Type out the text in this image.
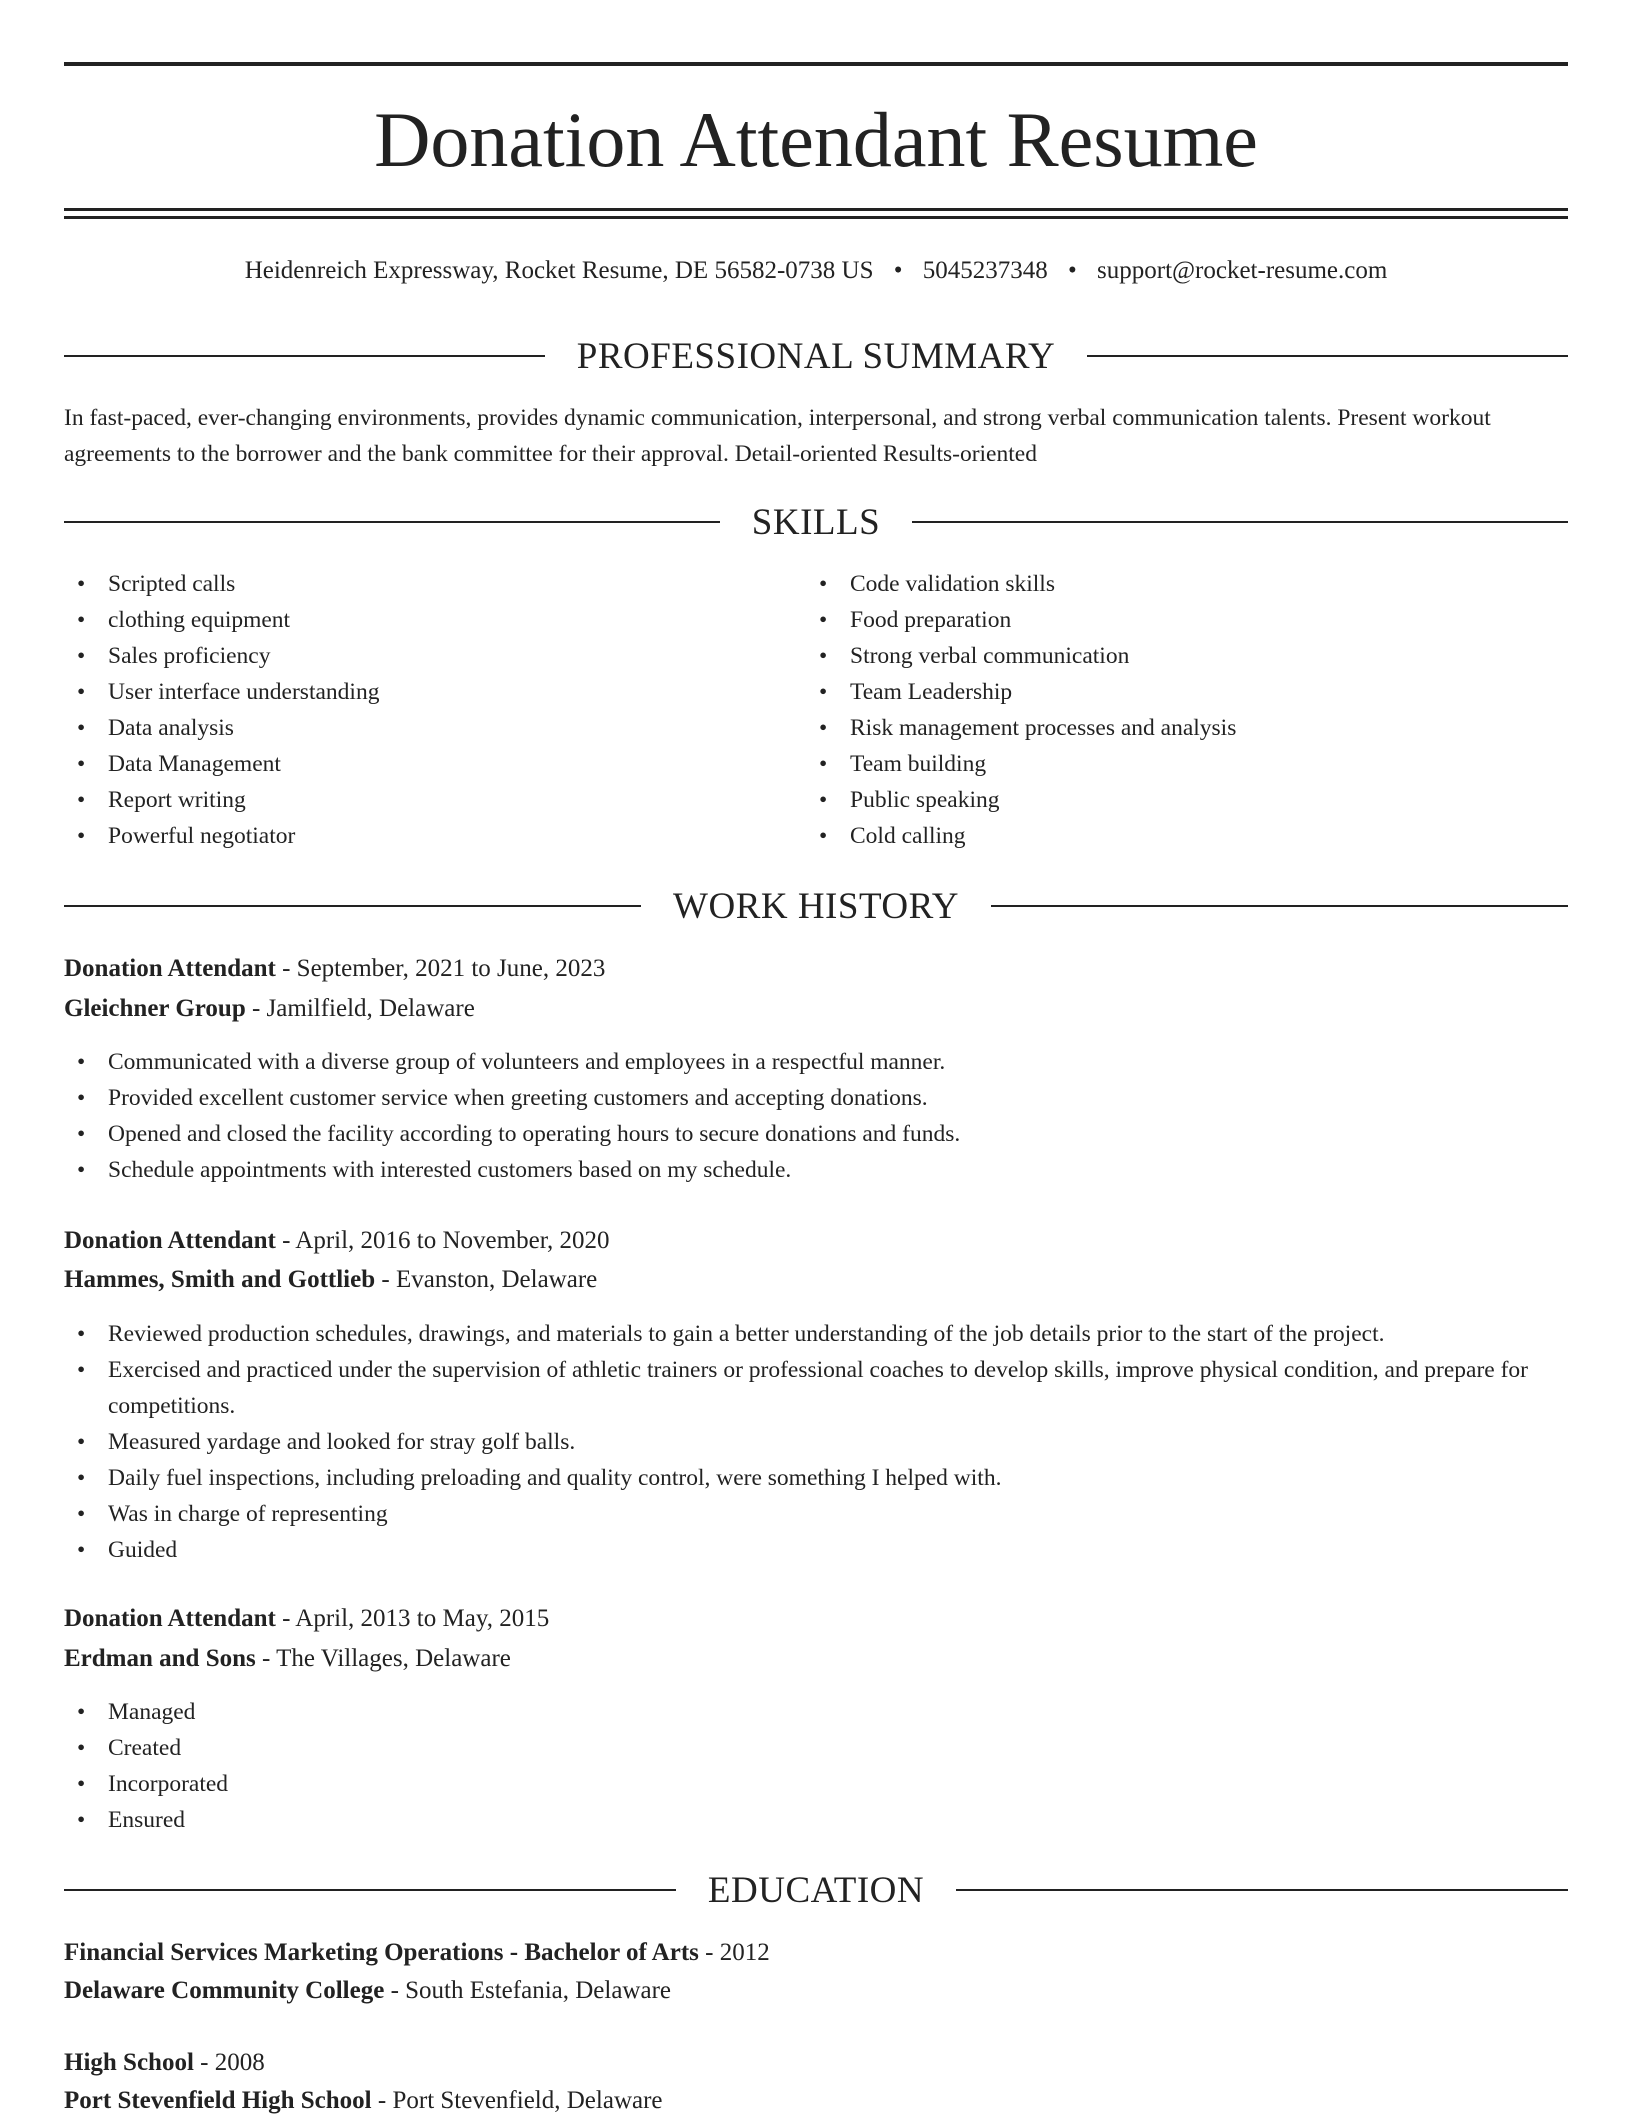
Donation Attendant Resume
Heidenreich Expressway, Rocket Resume, DE 56582-0738 US • 5045237348 • support@rocket-resume.com
PROFESSIONAL SUMMARY
In fast-paced, ever-changing environments, provides dynamic communication, interpersonal, and strong verbal communication talents. Present workout agreements to the borrower and the bank committee for their approval. Detail-oriented Results-oriented
SKILLS
• Scripted calls
• clothing equipment
• Sales proficiency
• User interface understanding
• Data analysis
• Data Management
• Report writing
• Powerful negotiator
• Code validation skills
• Food preparation
• Strong verbal communication
• Team Leadership
• Risk management processes and analysis
• Team building
• Public speaking
• Cold calling
WORK HISTORY
Donation Attendant - September, 2021 to June, 2023
Gleichner Group - Jamilfield, Delaware
• Communicated with a diverse group of volunteers and employees in a respectful manner.
• Provided excellent customer service when greeting customers and accepting donations.
• Opened and closed the facility according to operating hours to secure donations and funds.
• Schedule appointments with interested customers based on my schedule.
Donation Attendant - April, 2016 to November, 2020
Hammes, Smith and Gottlieb - Evanston, Delaware
• Reviewed production schedules, drawings, and materials to gain a better understanding of the job details prior to the start of the project.
• Exercised and practiced under the supervision of athletic trainers or professional coaches to develop skills, improve physical condition, and prepare for competitions.
• Measured yardage and looked for stray golf balls.
• Daily fuel inspections, including preloading and quality control, were something I helped with.
• Was in charge of representing
• Guided
Donation Attendant - April, 2013 to May, 2015
Erdman and Sons - The Villages, Delaware
• Managed
• Created
• Incorporated
• Ensured
EDUCATION
Financial Services Marketing Operations - Bachelor of Arts - 2012
Delaware Community College - South Estefania, Delaware
High School - 2008
Port Stevenfield High School - Port Stevenfield, Delaware
